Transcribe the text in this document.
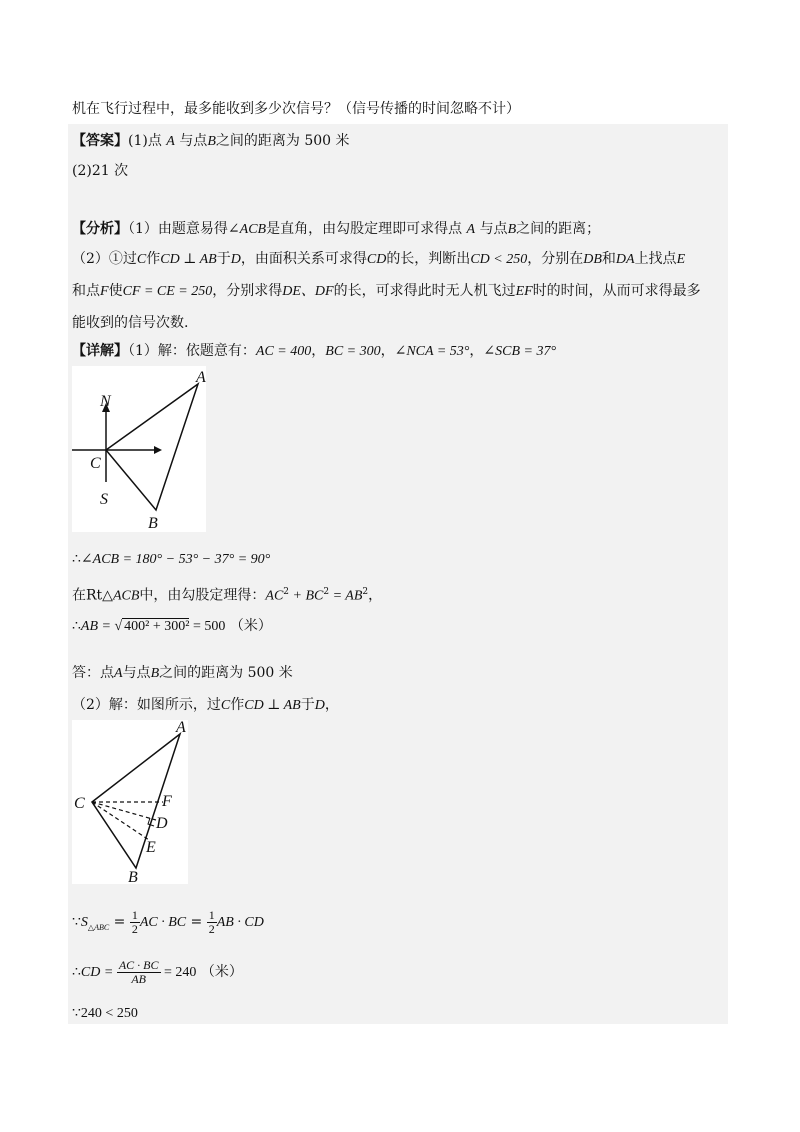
机在飞行过程中，最多能收到多少次信号？（信号传播的时间忽略不计）
【答案】(1)点 A 与点B之间的距离为 500 米
(2)21 次
【分析】（1）由题意易得∠ACB是直角，由勾股定理即可求得点 A 与点B之间的距离；
（2）①过C作CD ⊥ AB于D，由面积关系可求得CD的长，判断出CD < 250，分别在DB和DA上找点E
和点F使CF = CE = 250，分别求得DE、DF的长，可求得此时无人机飞过EF时的时间，从而可求得最多
能收到的信号次数.
【详解】（1）解：依题意有：AC = 400，BC = 300，∠NCA = 53°，∠SCB = 37°
A
N
C
S
B
∴∠ACB = 180° − 53° − 37° = 90°
在Rt△ACB中，由勾股定理得：$AC^2 + BC^2 = AB^2$，
∴AB = √ 400² + 300² = 500 （米）
答：点A与点B之间的距离为 500 米
（2）解：如图所示，过C作CD ⊥ AB于D，
A
C	F
D
E
B
$\because S_{\triangle ABC} = \frac{1}{2}$ AC · BC = $\frac{1}{2}$ AB · CD
∴CD = $\frac{AC \cdot BC}{AB} = 240$ （米）
∵240 < 250
